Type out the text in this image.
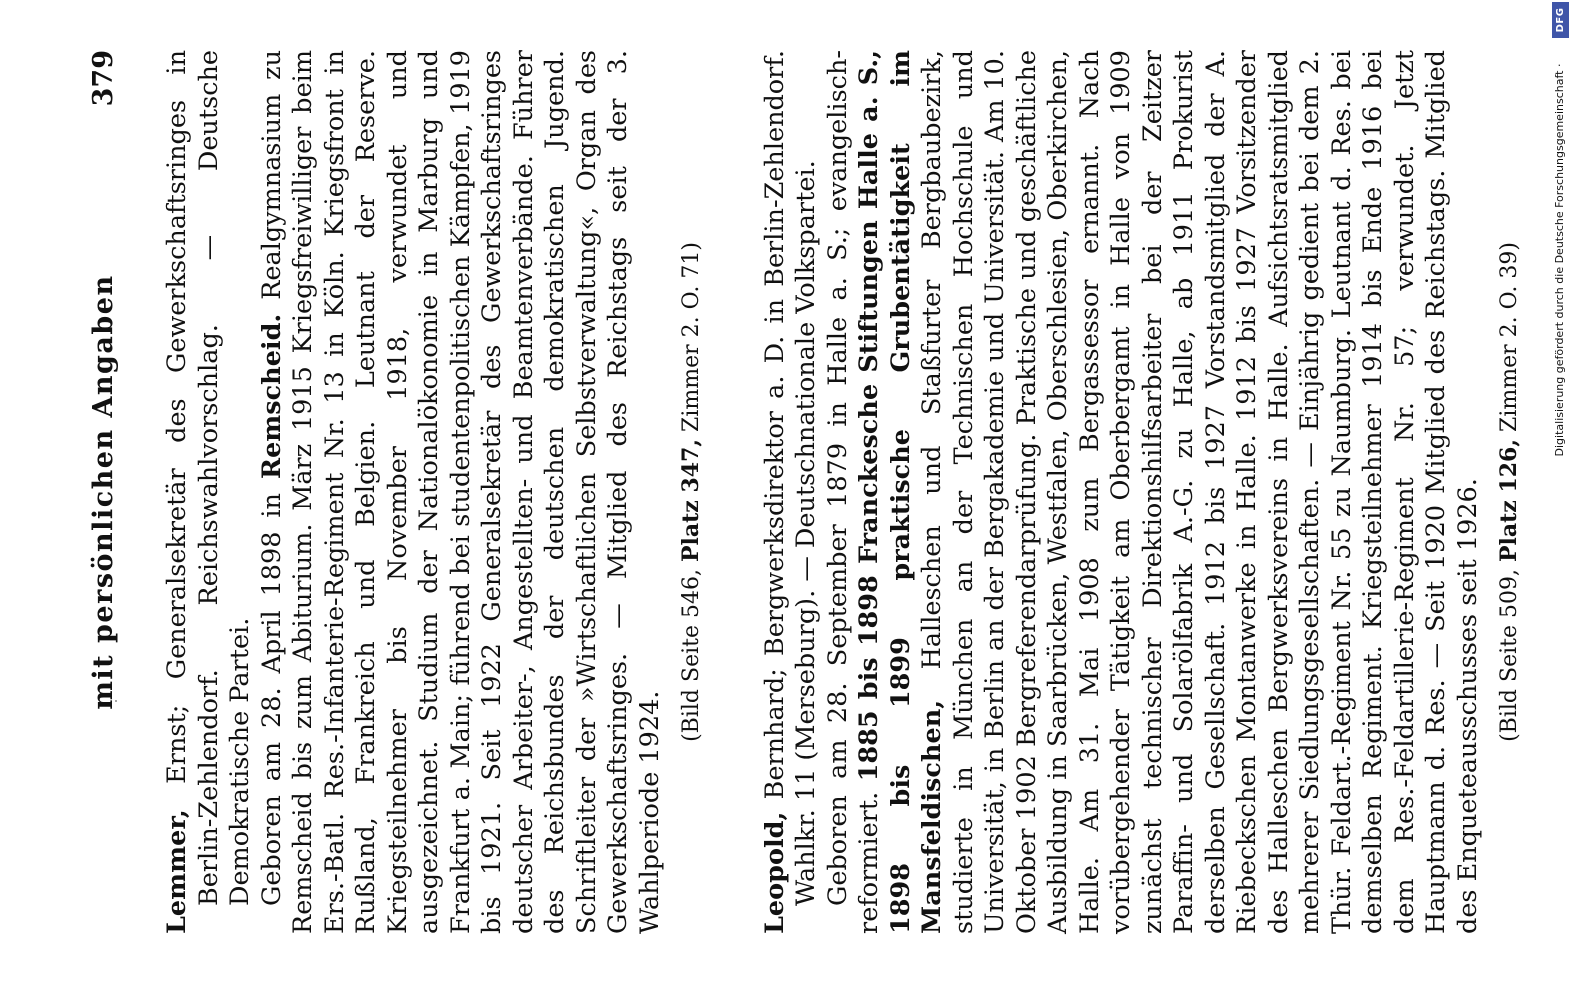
mit persönlichen Angaben
379

Lemmer, Ernst; Generalsekretär des Gewerkschaftsringes in Berlin-Zehlendorf. Reichswahlvorschlag. — Deutsche Demokratische Partei. Geboren am 28. April 1898 in Remscheid. Realgymnasium zu Remscheid bis zum Abiturium. März 1915 Kriegsfreiwilliger beim Ers.-Batl. Res.-Infanterie-Regiment Nr. 13 in Köln. Kriegsfront in Rußland, Frankreich und Belgien. Leutnant der Reserve. Kriegsteilnehmer bis November 1918, verwundet und ausgezeichnet. Studium der Nationalökonomie in Marburg und Frankfurt a. Main; führend bei studentenpolitischen Kämpfen, 1919 bis 1921. Seit 1922 Generalsekretär des Gewerkschaftsringes deutscher Arbeiter-, Angestellten- und Beamtenverbände. Führer des Reichsbundes der deutschen demokratischen Jugend. Schriftleiter der »Wirtschaftlichen Selbstverwaltung«, Organ des Gewerkschaftsringes. — Mitglied des Reichstags seit der 3. Wahlperiode 1924.

(Bild Seite 546, Platz 347, Zimmer 2. O. 71)

Leopold, Bernhard; Bergwerksdirektor a. D. in Berlin-Zehlendorf. Wahlkr. 11 (Merseburg). — Deutschnationale Volkspartei. Geboren am 28. September 1879 in Halle a. S.; evangelisch-reformiert. 1885 bis 1898 Franckesche Stiftungen Halle a. S., 1898 bis 1899 praktische Grubentätigkeit im Mansfeldischen, Halleschen und Staßfurter Bergbaubezirk, studierte in München an der Technischen Hochschule und Universität, in Berlin an der Bergakademie und Universität. Am 10. Oktober 1902 Bergreferendarprüfung. Praktische und geschäftliche Ausbildung in Saarbrücken, Westfalen, Oberschlesien, Oberkirchen, Halle. Am 31. Mai 1908 zum Bergassessor ernannt. Nach vorübergehender Tätigkeit am Oberbergamt in Halle von 1909 zunächst technischer Direktionshilfsarbeiter bei der Zeitzer Paraffin- und Solarölfabrik A.-G. zu Halle, ab 1911 Prokurist derselben Gesellschaft. 1912 bis 1927 Vorstandsmitglied der A. Riebeckschen Montanwerke in Halle. 1912 bis 1927 Vorsitzender des Halleschen Bergwerksvereins in Halle. Aufsichtsratsmitglied mehrerer Siedlungsgesellschaften. — Einjährig gedient bei dem 2. Thür. Feldart.-Regiment Nr. 55 zu Naumburg. Leutnant d. Res. bei demselben Regiment. Kriegsteilnehmer 1914 bis Ende 1916 bei dem Res.-Feldartillerie-Regiment Nr. 57; verwundet. Jetzt Hauptmann d. Res. — Seit 1920 Mitglied des Reichstags. Mitglied des Enqueteausschusses seit 1926. (Bild Seite 509, Platz 126, Zimmer 2. O. 39)	Digitalisierung gefördert durch die Deutsche Forschungsgemeinschaft ·
DFG
